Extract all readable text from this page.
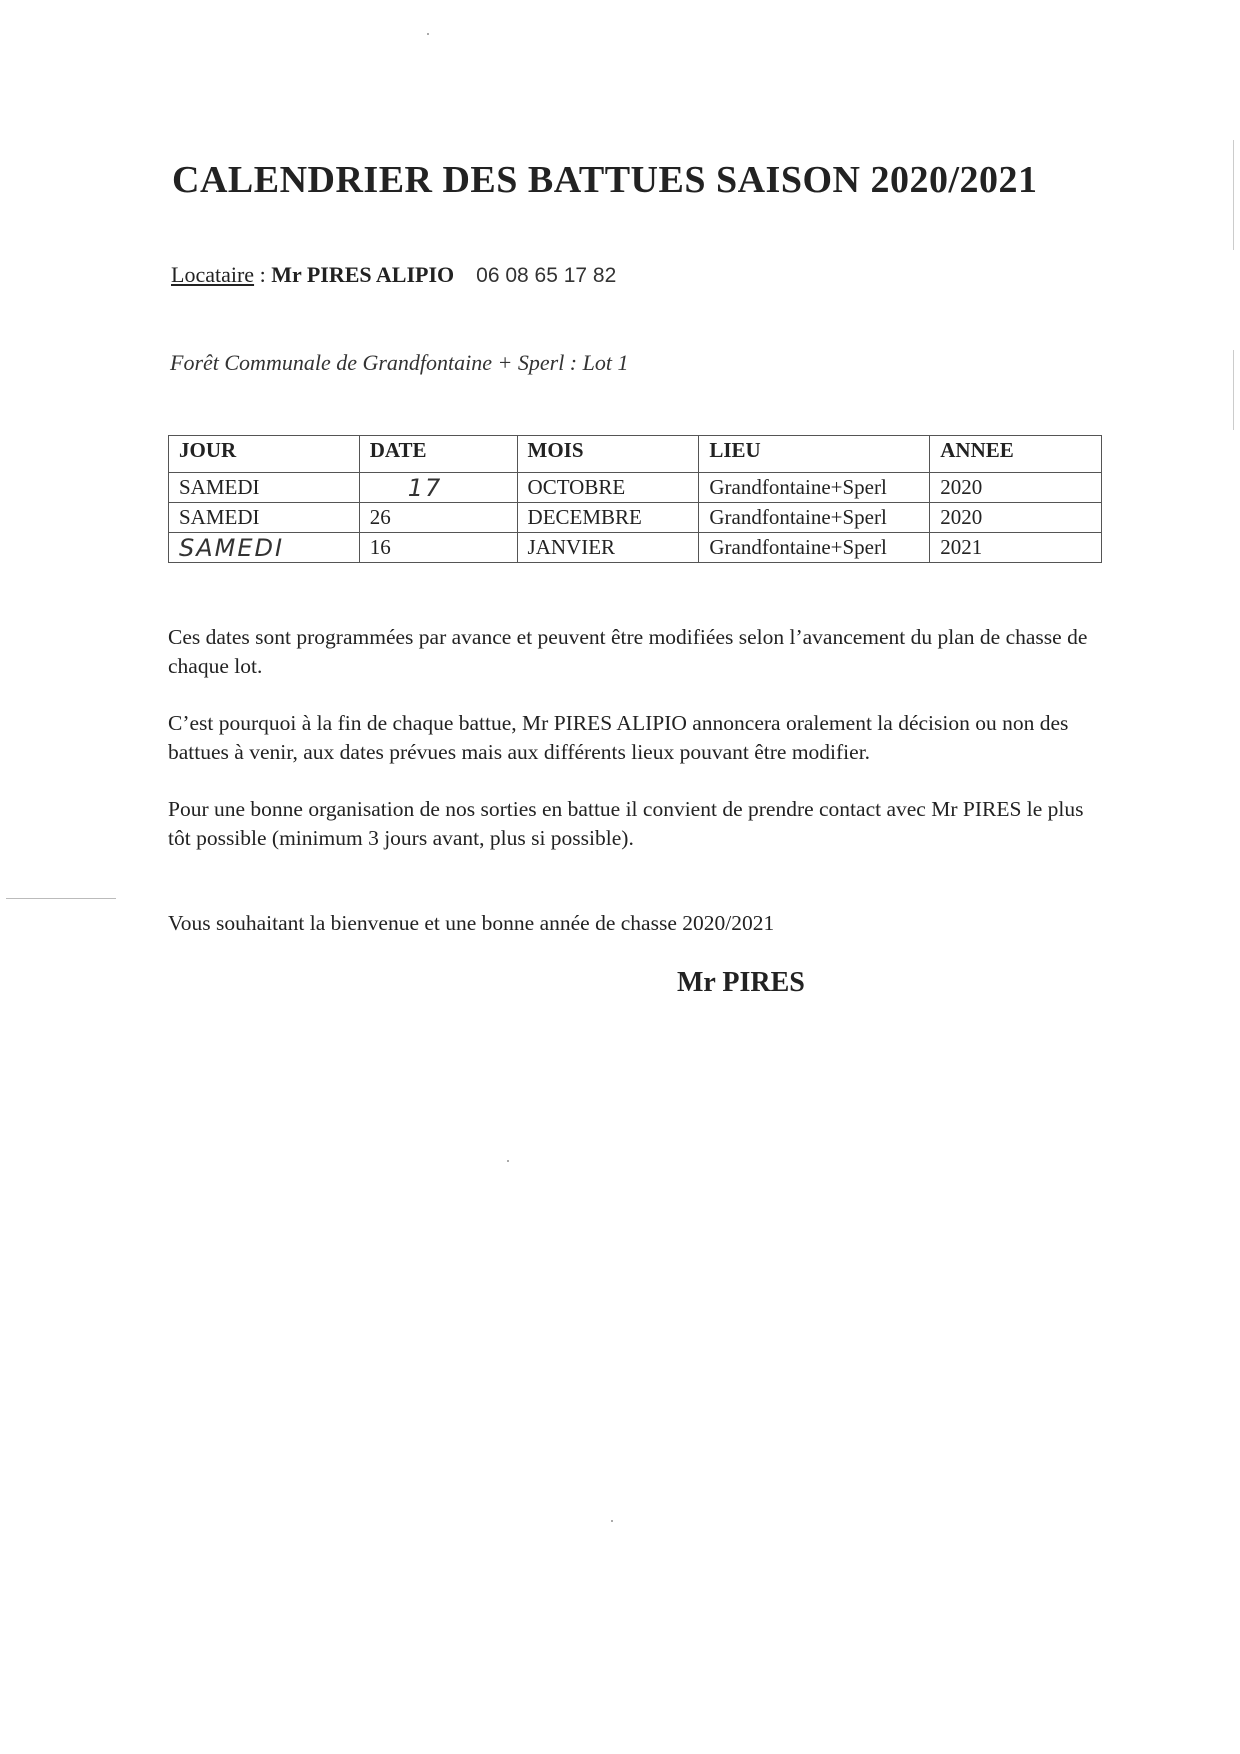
CALENDRIER DES BATTUES SAISON 2020/2021
Locataire : Mr PIRES ALIPIO 06 08 65 17 82
Forêt Communale de Grandfontaine + Sperl : Lot 1
JOUR	DATE	MOIS	LIEU	ANNEE
SAMEDI	17	OCTOBRE	Grandfontaine+Sperl	2020
SAMEDI	26	DECEMBRE	Grandfontaine+Sperl	2020
SAMEDI	16	JANVIER	Grandfontaine+Sperl	2021
Ces dates sont programmées par avance et peuvent être modifiées selon l’avancement du plan de chasse de chaque lot.
C’est pourquoi à la fin de chaque battue, Mr PIRES ALIPIO annoncera oralement la décision ou non des battues à venir, aux dates prévues mais aux différents lieux pouvant être modifier.
Pour une bonne organisation de nos sorties en battue il convient de prendre contact avec Mr PIRES le plus tôt possible (minimum 3 jours avant, plus si possible).
Vous souhaitant la bienvenue et une bonne année de chasse 2020/2021
Mr PIRES
